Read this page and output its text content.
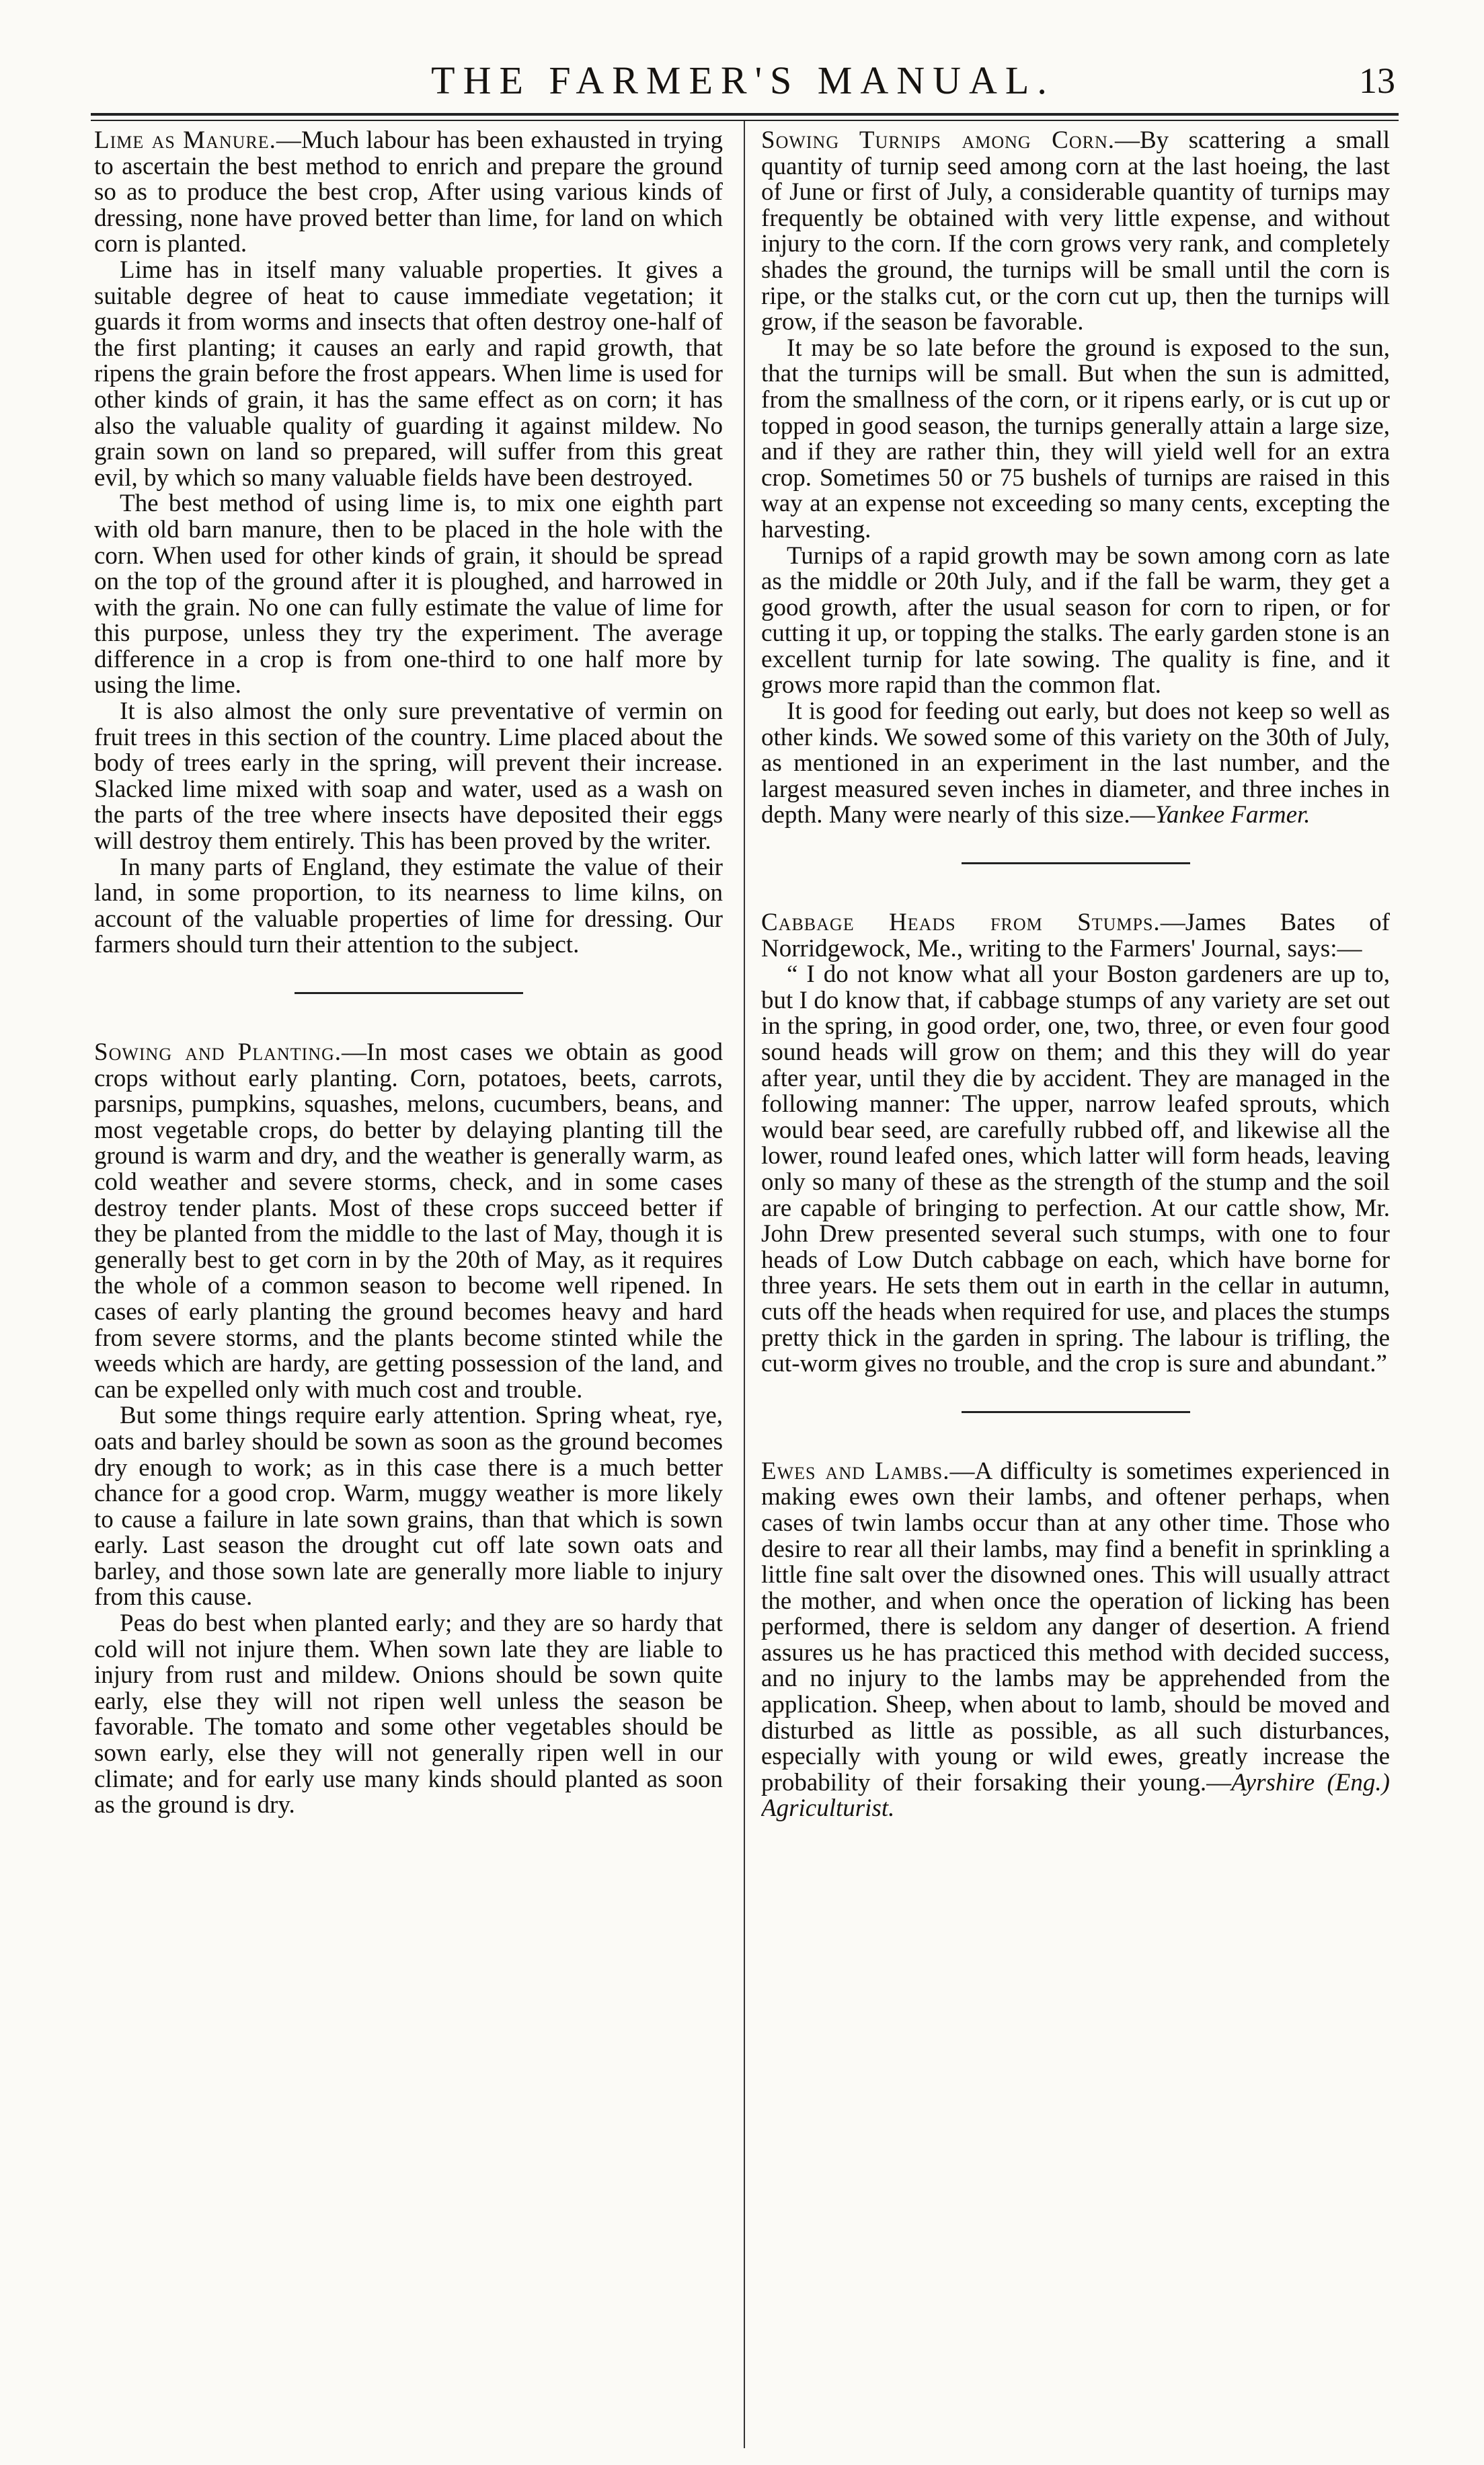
THE FARMER'S MANUAL.	13

Lime as Manure.—Much labour has been exhausted in trying to ascertain the best method to enrich and prepare the ground so as to produce the best crop, After using various kinds of dressing, none have proved better than lime, for land on which corn is planted.

Lime has in itself many valuable properties. It gives a suitable degree of heat to cause immediate vegetation; it guards it from worms and insects that often destroy one-half of the first planting; it causes an early and rapid growth, that ripens the grain before the frost appears. When lime is used for other kinds of grain, it has the same effect as on corn; it has also the valuable quality of guarding it against mildew. No grain sown on land so prepared, will suffer from this great evil, by which so many valuable fields have been destroyed.

The best method of using lime is, to mix one eighth part with old barn manure, then to be placed in the hole with the corn. When used for other kinds of grain, it should be spread on the top of the ground after it is ploughed, and harrowed in with the grain. No one can fully estimate the value of lime for this purpose, unless they try the experiment. The average difference in a crop is from one-third to one half more by using the lime.

It is also almost the only sure preventative of vermin on fruit trees in this section of the country. Lime placed about the body of trees early in the spring, will prevent their increase. Slacked lime mixed with soap and water, used as a wash on the parts of the tree where insects have deposited their eggs will destroy them entirely. This has been proved by the writer.

In many parts of England, they estimate the value of their land, in some proportion, to its nearness to lime kilns, on account of the valuable properties of lime for dressing. Our farmers should turn their attention to the subject.

Sowing and Planting.—In most cases we obtain as good crops without early planting. Corn, potatoes, beets, carrots, parsnips, pumpkins, squashes, melons, cucumbers, beans, and most vegetable crops, do better by delaying planting till the ground is warm and dry, and the weather is generally warm, as cold weather and severe storms, check, and in some cases destroy tender plants. Most of these crops succeed better if they be planted from the middle to the last of May, though it is generally best to get corn in by the 20th of May, as it requires the whole of a common season to become well ripened. In cases of early planting the ground becomes heavy and hard from severe storms, and the plants become stinted while the weeds which are hardy, are getting possession of the land, and can be expelled only with much cost and trouble.

But some things require early attention. Spring wheat, rye, oats and barley should be sown as soon as the ground becomes dry enough to work; as in this case there is a much better chance for a good crop. Warm, muggy weather is more likely to cause a failure in late sown grains, than that which is sown early. Last season the drought cut off late sown oats and barley, and those sown late are generally more liable to injury from this cause.

Peas do best when planted early; and they are so hardy that cold will not injure them. When sown late they are liable to injury from rust and mildew. Onions should be sown quite early, else they will not ripen well unless the season be favorable. The tomato and some other vegetables should be sown early, else they will not generally ripen well in our climate; and for early use many kinds should planted as soon as the ground is dry.

Sowing Turnips among Corn.—By scattering a small quantity of turnip seed among corn at the last hoeing, the last of June or first of July, a considerable quantity of turnips may frequently be obtained with very little expense, and without injury to the corn. If the corn grows very rank, and completely shades the ground, the turnips will be small until the corn is ripe, or the stalks cut, or the corn cut up, then the turnips will grow, if the season be favorable.

It may be so late before the ground is exposed to the sun, that the turnips will be small. But when the sun is admitted, from the smallness of the corn, or it ripens early, or is cut up or topped in good season, the turnips generally attain a large size, and if they are rather thin, they will yield well for an extra crop. Sometimes 50 or 75 bushels of turnips are raised in this way at an expense not exceeding so many cents, excepting the harvesting.

Turnips of a rapid growth may be sown among corn as late as the middle or 20th July, and if the fall be warm, they get a good growth, after the usual season for corn to ripen, or for cutting it up, or topping the stalks. The early garden stone is an excellent turnip for late sowing. The quality is fine, and it grows more rapid than the common flat.

It is good for feeding out early, but does not keep so well as other kinds. We sowed some of this variety on the 30th of July, as mentioned in an experiment in the last number, and the largest measured seven inches in diameter, and three inches in depth. Many were nearly of this size.—Yankee Farmer.

Cabbage Heads from Stumps.—James Bates of Norridgewock, Me., writing to the Farmers' Journal, says:—

“ I do not know what all your Boston gardeners are up to, but I do know that, if cabbage stumps of any variety are set out in the spring, in good order, one, two, three, or even four good sound heads will grow on them; and this they will do year after year, until they die by accident. They are managed in the following manner: The upper, narrow leafed sprouts, which would bear seed, are carefully rubbed off, and likewise all the lower, round leafed ones, which latter will form heads, leaving only so many of these as the strength of the stump and the soil are capable of bringing to perfection. At our cattle show, Mr. John Drew presented several such stumps, with one to four heads of Low Dutch cabbage on each, which have borne for three years. He sets them out in earth in the cellar in autumn, cuts off the heads when required for use, and places the stumps pretty thick in the garden in spring. The labour is trifling, the cut-worm gives no trouble, and the crop is sure and abundant.”

Ewes and Lambs.—A difficulty is sometimes experienced in making ewes own their lambs, and oftener perhaps, when cases of twin lambs occur than at any other time. Those who desire to rear all their lambs, may find a benefit in sprinkling a little fine salt over the disowned ones. This will usually attract the mother, and when once the operation of licking has been performed, there is seldom any danger of desertion. A friend assures us he has practiced this method with decided success, and no injury to the lambs may be apprehended from the application. Sheep, when about to lamb, should be moved and disturbed as little as possible, as all such disturbances, especially with young or wild ewes, greatly increase the probability of their forsaking their young.—Ayrshire (Eng.) Agriculturist.
